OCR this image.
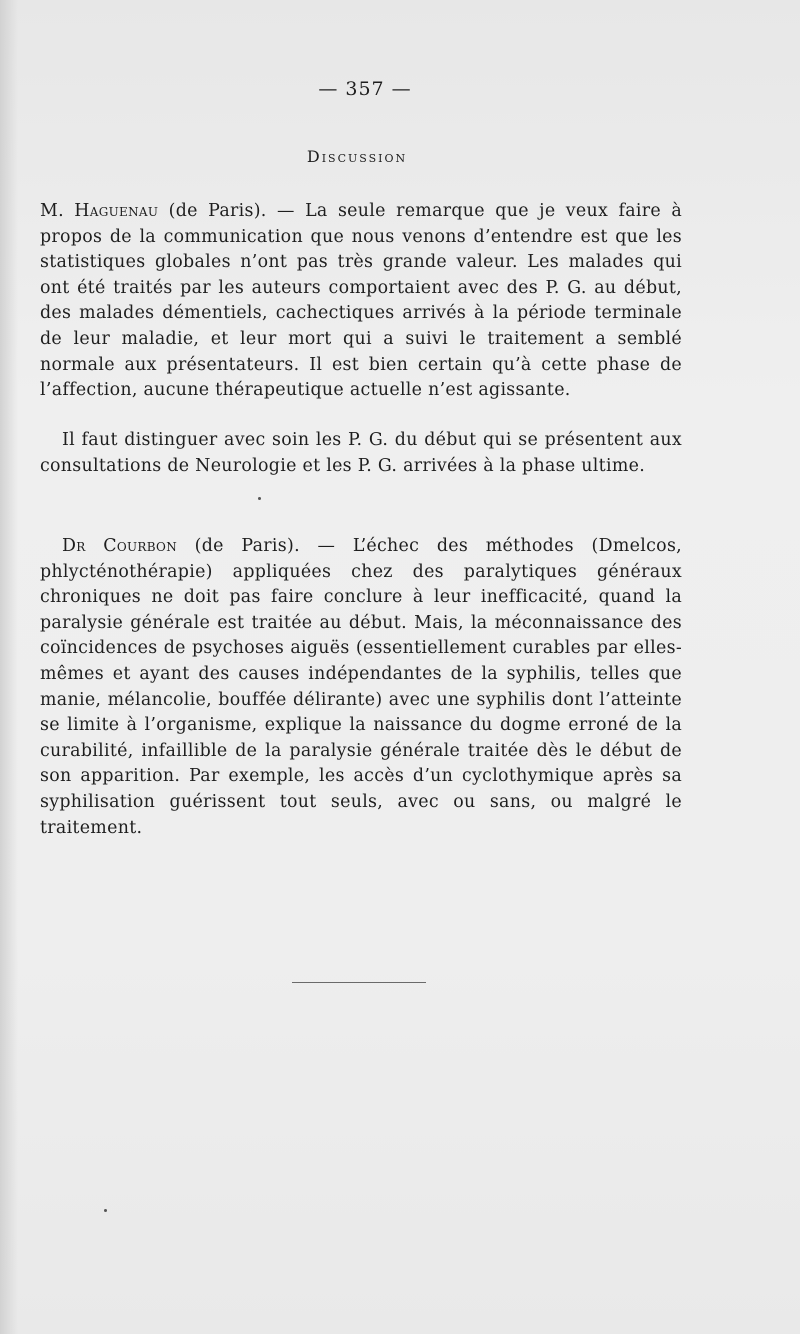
— 357 —
Discussion

M. Haguenau (de Paris). — La seule remarque que je veux faire à propos de la communication que nous venons d’entendre est que les statistiques globales n’ont pas très grande valeur. Les malades qui ont été traités par les auteurs comportaient avec des P. G. au début, des malades démentiels, cachectiques arrivés à la période terminale de leur maladie, et leur mort qui a suivi le traitement a semblé normale aux présentateurs. Il est bien certain qu’à cette phase de l’affection, aucune thérapeutique actuelle n’est agissante.

Il faut distinguer avec soin les P. G. du début qui se présentent aux consultations de Neurologie et les P. G. arrivées à la phase ultime.

Dr Courbon (de Paris). — L’échec des méthodes (Dmelcos, phlycténothérapie) appliquées chez des paralytiques généraux chroniques ne doit pas faire conclure à leur inefficacité, quand la paralysie générale est traitée au début. Mais, la méconnaissance des coïncidences de psychoses aiguës (essentiellement curables par elles-mêmes et ayant des causes indépendantes de la syphilis, telles que manie, mélancolie, bouffée délirante) avec une syphilis dont l’atteinte se limite à l’organisme, explique la naissance du dogme erroné de la curabilité, infaillible de la paralysie générale traitée dès le début de son apparition. Par exemple, les accès d’un cyclothymique après sa syphilisation guérissent tout seuls, avec ou sans, ou malgré le traitement.
